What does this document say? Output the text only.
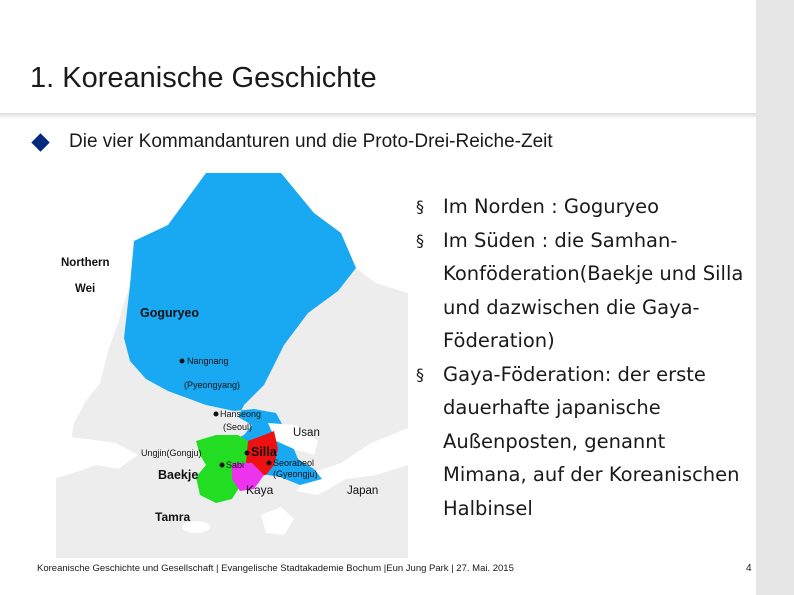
1. Koreanische Geschichte
Die vier Kommandanturen und die Proto-Drei-Reiche-Zeit
Northern
Wei
Goguryeo
Nangnang
(Pyeongyang)
Hanseong
(Seoul)	Usan
Ungjin(Gongju)
Sabi
Baekje
Silla
Seorabeol
(Gyeongju)
Kaya	Japan
Tamra
§ Im Norden : Goguryeo
§ Im Süden : die Samhan-Konföderation(Baekje und Silla und dazwischen die Gaya-Föderation)
§ Gaya-Föderation: der erste dauerhafte japanische Außenposten, genannt Mimana, auf der Koreanischen Halbinsel
Koreanische Geschichte und Gesellschaft | Evangelische Stadtakademie Bochum |Eun Jung Park | 27. Mai. 2015	4
